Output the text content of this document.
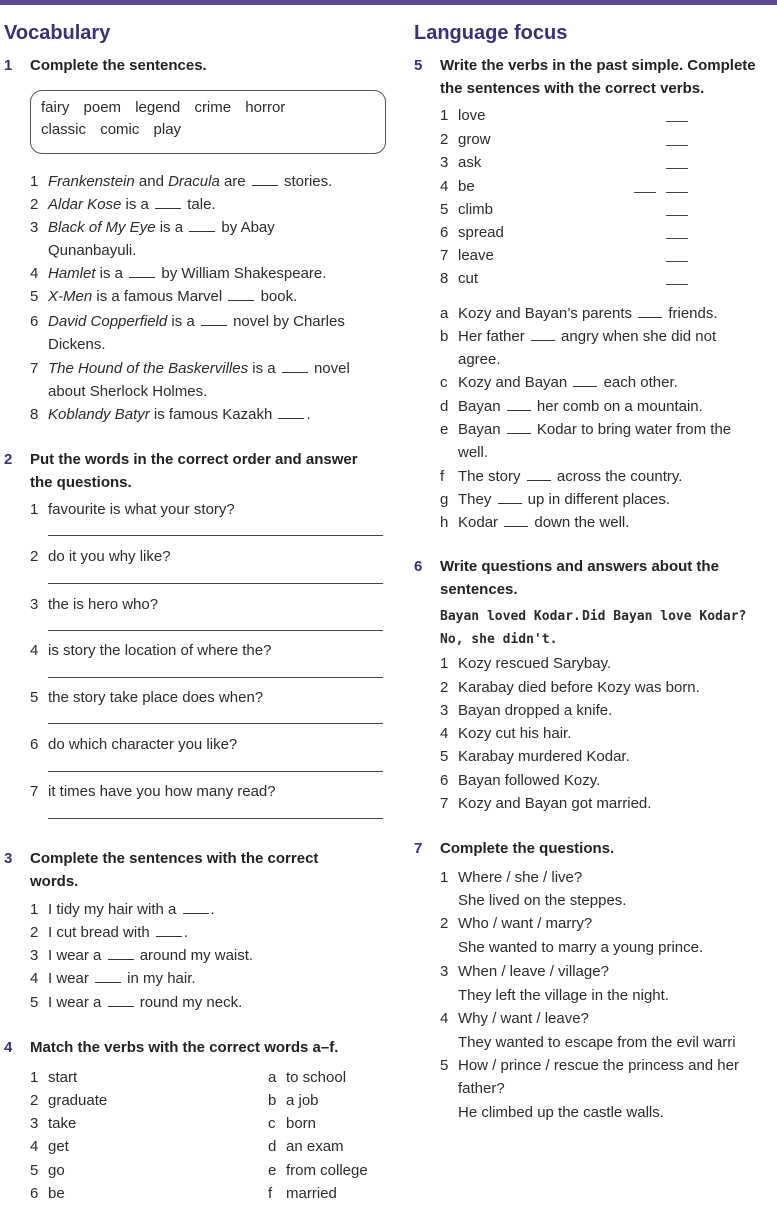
Vocabulary
1 Complete the sentences.
fairy poem legend crime horror
classic comic play
1 Frankenstein and Dracula are  stories.
2 Aldar Kose is a  tale.
3 Black of My Eye is a  by Abay
Qunanbayuli.
4 Hamlet is a  by William Shakespeare.
5 X-Men is a famous Marvel  book.
6 David Copperfield is a  novel by Charles
Dickens.
7 The Hound of the Baskervilles is a  novel
about Sherlock Holmes.
8 Koblandy Batyr is famous Kazakh .
2 Put the words in the correct order and answer
the questions.
1 favourite is what your story?
2 do it you why like?
3 the is hero who?
4 is story the location of where the?
5 the story take place does when?
6 do which character you like?
7 it times have you how many read?
3 Complete the sentences with the correct
words.
1 I tidy my hair with a .
2 I cut bread with .
3 I wear a  around my waist.
4 I wear  in my hair.
5 I wear a  round my neck.
4 Match the verbs with the correct words a–f.
1 start
2 graduate
3 take
4 get
5 go
6 be
a to school
b a job
c born
d an exam
e from college
f married
Language focus
5 Write the verbs in the past simple. Complete
the sentences with the correct verbs.
1 love
2 grow
3 ask
4 be
5 climb
6 spread
7 leave
8 cut
a Kozy and Bayan’s parents  friends.
b Her father  angry when she did not
agree.
c Kozy and Bayan  each other.
d Bayan  her comb on a mountain.
e Bayan  Kodar to bring water from the
well.
f The story  across the country.
g They  up in different places.
h Kodar  down the well.
6 Write questions and answers about the
sentences.
Bayan loved Kodar. Did Bayan love Kodar?
No, she didn't.
1 Kozy rescued Sarybay.
2 Karabay died before Kozy was born.
3 Bayan dropped a knife.
4 Kozy cut his hair.
5 Karabay murdered Kodar.
6 Bayan followed Kozy.
7 Kozy and Bayan got married.
7 Complete the questions.
1 Where / she / live?
She lived on the steppes.
2 Who / want / marry?
She wanted to marry a young prince.
3 When / leave / village?
They left the village in the night.
4 Why / want / leave?
They wanted to escape from the evil warri
5 How / prince / rescue the princess and her
father?
He climbed up the castle walls.
